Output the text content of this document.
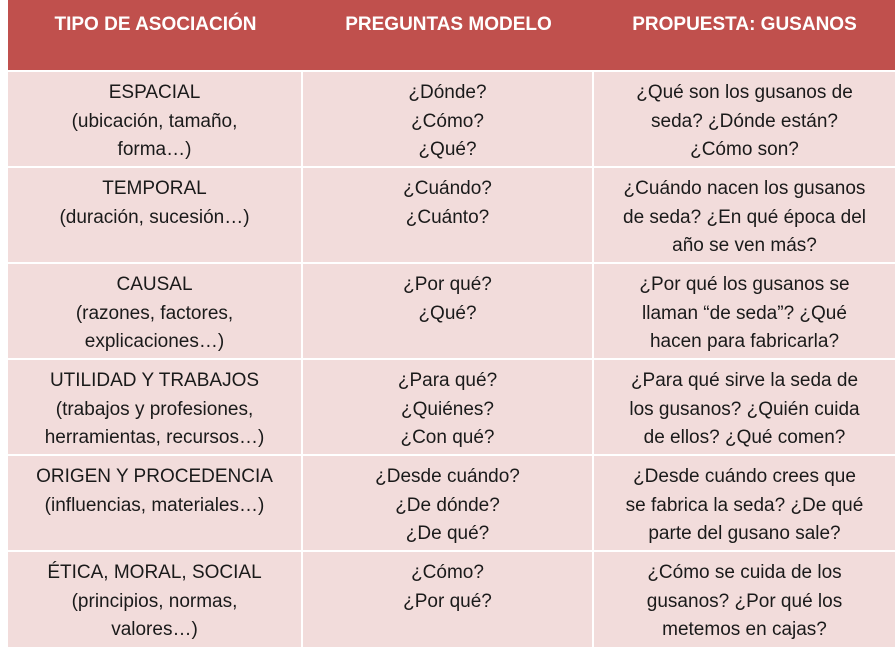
TIPO DE ASOCIACIÓN	PREGUNTAS MODELO	PROPUESTA: GUSANOS
ESPACIAL
(ubicación, tamaño,
forma…)
¿Dónde?
¿Cómo?
¿Qué?
¿Qué son los gusanos de
seda? ¿Dónde están?
¿Cómo son?
TEMPORAL
(duración, sucesión…)
¿Cuándo?
¿Cuánto?
¿Cuándo nacen los gusanos
de seda? ¿En qué época del
año se ven más?
CAUSAL
(razones, factores,
explicaciones…)
¿Por qué?
¿Qué?
¿Por qué los gusanos se
llaman “de seda”? ¿Qué
hacen para fabricarla?
UTILIDAD Y TRABAJOS
(trabajos y profesiones,
herramientas, recursos…)
¿Para qué?
¿Quiénes?
¿Con qué?
¿Para qué sirve la seda de
los gusanos? ¿Quién cuida
de ellos? ¿Qué comen?
ORIGEN Y PROCEDENCIA
(influencias, materiales…)
¿Desde cuándo?
¿De dónde?
¿De qué?
¿Desde cuándo crees que
se fabrica la seda? ¿De qué
parte del gusano sale?
ÉTICA, MORAL, SOCIAL
(principios, normas,
valores…)
¿Cómo?
¿Por qué?
¿Cómo se cuida de los
gusanos? ¿Por qué los
metemos en cajas?
